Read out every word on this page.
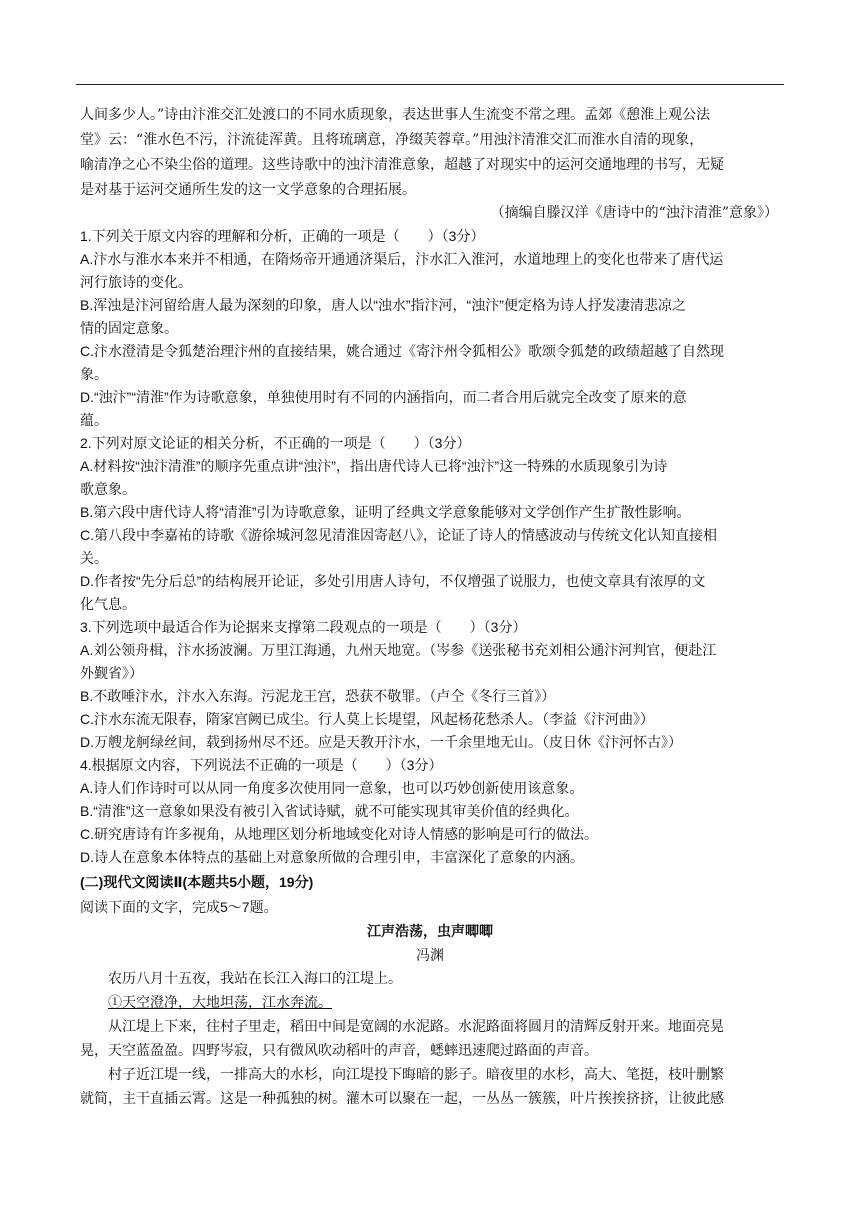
人间多少人。”诗由汴淮交汇处渡口的不同水质现象，表达世事人生流变不常之理。孟郊《憩淮上观公法
堂》云：“淮水色不污，汴流徒浑黄。且将琉璃意，净缀芙蓉章。”用浊汴清淮交汇而淮水自清的现象，
喻清净之心不染尘俗的道理。这些诗歌中的浊汴清淮意象，超越了对现实中的运河交通地理的书写，无疑
是对基于运河交通所生发的这一文学意象的合理拓展。
（摘编自滕汉洋《唐诗中的“浊汴清淮”意象》）
1.下列关于原文内容的理解和分析，正确的一项是（　　）（3分）
A.汴水与淮水本来并不相通，在隋炀帝开通通济渠后，汴水汇入淮河，水道地理上的变化也带来了唐代运
河行旅诗的变化。
B.浑浊是汴河留给唐人最为深刻的印象，唐人以“浊水”指汴河，“浊汴”便定格为诗人抒发凄清悲凉之
情的固定意象。
C.汴水澄清是令狐楚治理汴州的直接结果，姚合通过《寄汴州令狐相公》歌颂令狐楚的政绩超越了自然现
象。
D.“浊汴”“清淮”作为诗歌意象，单独使用时有不同的内涵指向，而二者合用后就完全改变了原来的意
蕴。
2.下列对原文论证的相关分析，不正确的一项是（　　）（3分）
A.材料按“浊汴清淮”的顺序先重点讲“浊汴”，指出唐代诗人已将“浊汴”这一特殊的水质现象引为诗
歌意象。
B.第六段中唐代诗人将“清淮”引为诗歌意象，证明了经典文学意象能够对文学创作产生扩散性影响。
C.第八段中李嘉祐的诗歌《游徐城河忽见清淮因寄赵八》，论证了诗人的情感波动与传统文化认知直接相
关。
D.作者按“先分后总”的结构展开论证，多处引用唐人诗句，不仅增强了说服力，也使文章具有浓厚的文
化气息。
3.下列选项中最适合作为论据来支撑第二段观点的一项是（　　）（3分）
A.刘公领舟楫，汴水扬波澜。万里江海通，九州天地宽。（岑参《送张秘书充刘相公通汴河判官，便赴江
外觐省》）
B.不敢唾汴水，汴水入东海。污泥龙王宫，恐获不敬罪。（卢仝《冬行三首》）
C.汴水东流无限春，隋家宫阙已成尘。行人莫上长堤望，风起杨花愁杀人。（李益《汴河曲》）
D.万艘龙舸绿丝间，载到扬州尽不还。应是天教开汴水，一千余里地无山。（皮日休《汴河怀古》）
4.根据原文内容，下列说法不正确的一项是（　　）（3分）
A.诗人们作诗时可以从同一角度多次使用同一意象，也可以巧妙创新使用该意象。
B.“清淮”这一意象如果没有被引入省试诗赋，就不可能实现其审美价值的经典化。
C.研究唐诗有许多视角，从地理区划分析地域变化对诗人情感的影响是可行的做法。
D.诗人在意象本体特点的基础上对意象所做的合理引申，丰富深化了意象的内涵。
(二)现代文阅读Ⅱ(本题共5小题，19分)
阅读下面的文字，完成5～7题。
江声浩荡，虫声唧唧
冯渊
　　农历八月十五夜，我站在长江入海口的江堤上。
①天空澄净，大地坦荡，江水奔流。
　　从江堤上下来，往村子里走，稻田中间是宽阔的水泥路。水泥路面将圆月的清辉反射开来。地面亮晃
晃，天空蓝盈盈。四野岑寂，只有微风吹动稻叶的声音，蟋蟀迅速爬过路面的声音。
　　村子近江堤一线，一排高大的水杉，向江堤投下晦暗的影子。暗夜里的水杉，高大、笔挺，枝叶删繁
就简，主干直插云霄。这是一种孤独的树。灌木可以聚在一起，一丛丛一簇簇，叶片挨挨挤挤，让彼此感
